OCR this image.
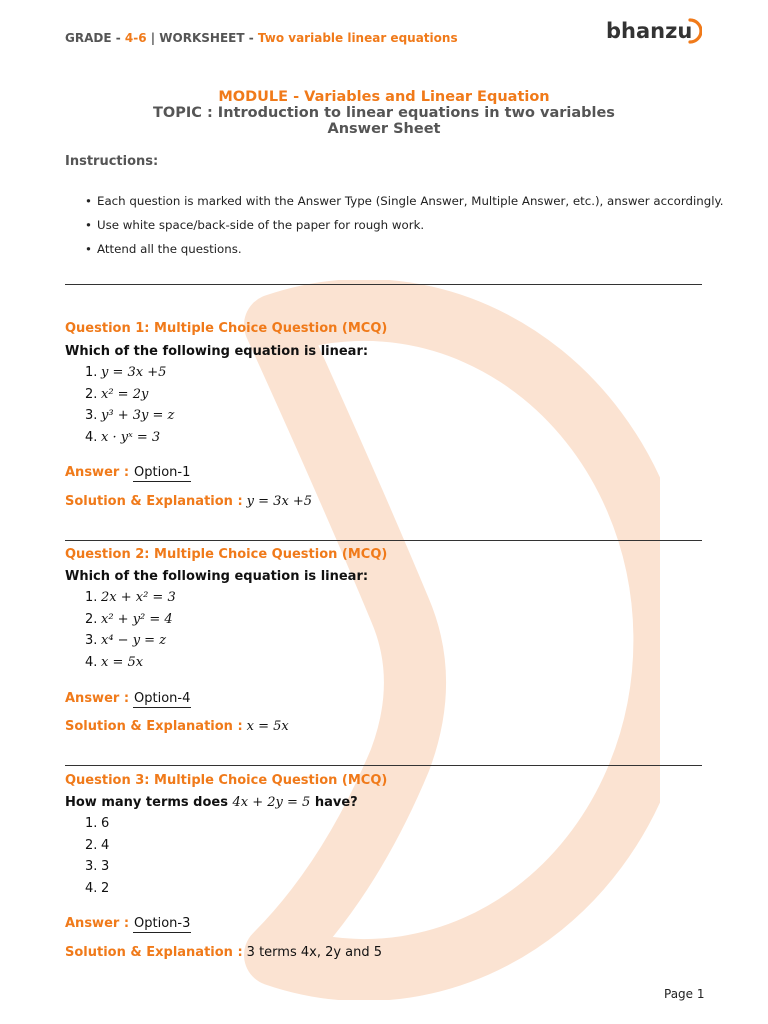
GRADE - 4-6 | WORKSHEET - Two variable linear equations	bhanzu
MODULE - Variables and Linear Equation
TOPIC : Introduction to linear equations in two variables
Answer Sheet
Instructions:
• Each question is marked with the Answer Type (Single Answer, Multiple Answer, etc.), answer accordingly.
• Use white space/back-side of the paper for rough work.
• Attend all the questions.
Question 1: Multiple Choice Question (MCQ)
Which of the following equation is linear:
1. y = 3x +5
2. x² = 2y
3. y³ + 3y = z
4. x · yˣ = 3
Answer : Option-1
Solution & Explanation : y = 3x +5
Question 2: Multiple Choice Question (MCQ)
Which of the following equation is linear:
1. 2x + x² = 3
2. x² + y² = 4
3. x⁴ − y = z
4. x = 5x
Answer : Option-4
Solution & Explanation : x = 5x
Question 3: Multiple Choice Question (MCQ)
How many terms does 4x + 2y = 5 have?
1. 6
2. 4
3. 3
4. 2
Answer : Option-3
Solution & Explanation : 3 terms 4x, 2y and 5
Page 1
